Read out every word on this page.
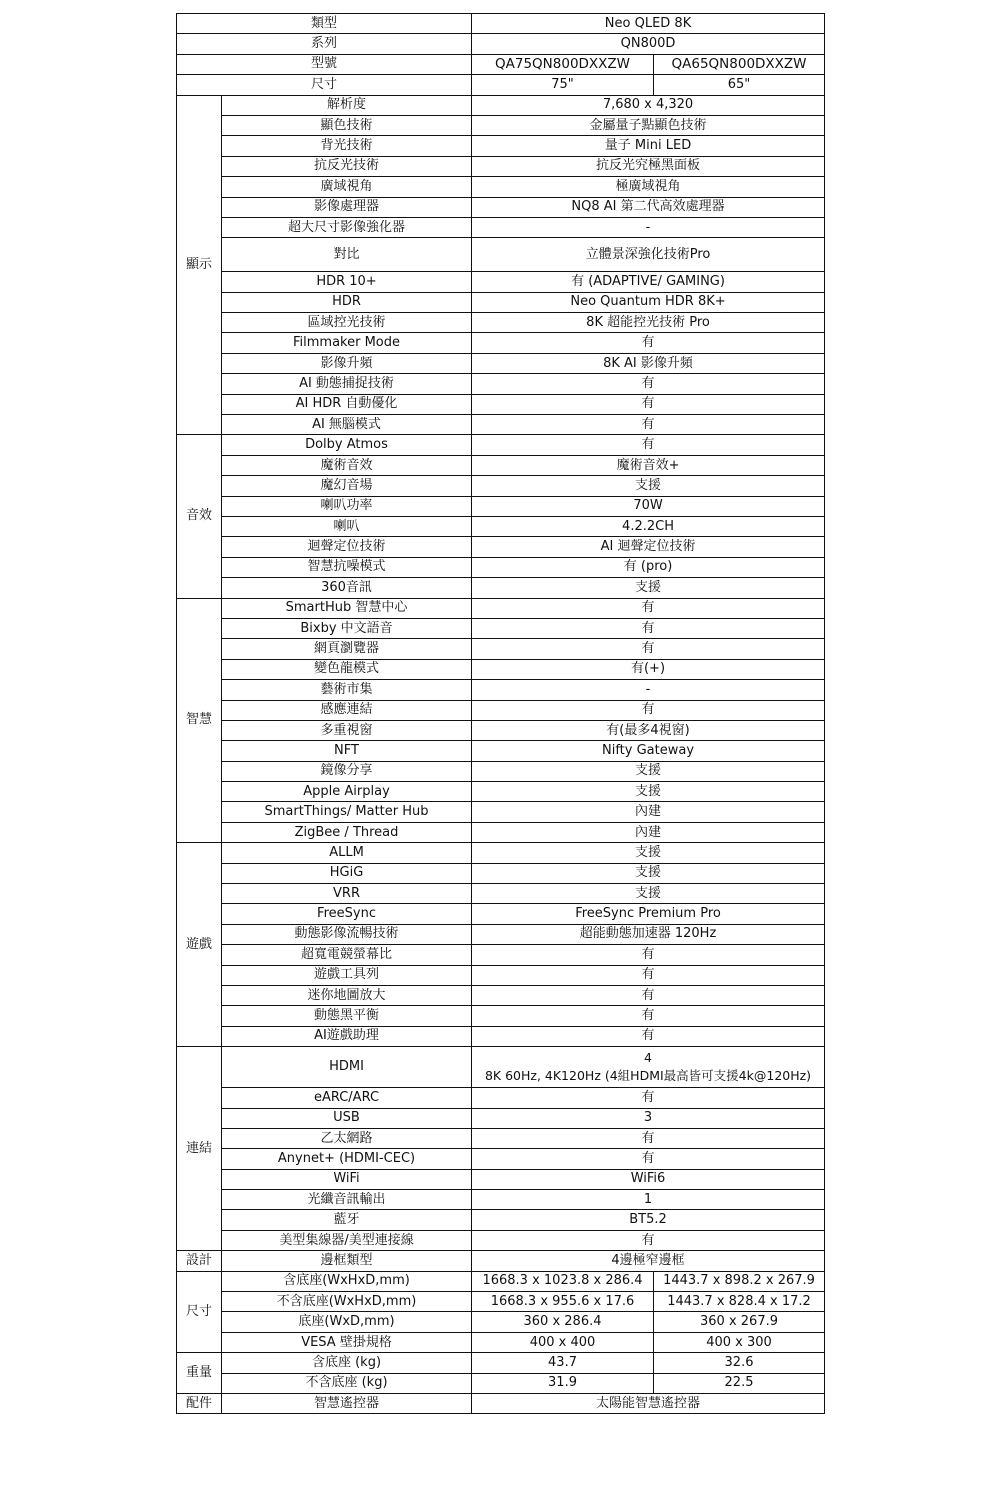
類型		Neo QLED 8K	
系列		QN800D	
型號		QA75QN800DXXZW	QA65QN800DXXZW
尺寸		75"	65"
顯示	解析度	7,680 x 4,320	
	顯色技術	金屬量子點顯色技術	
	背光技術	量子 Mini LED	
	抗反光技術	抗反光究極黑面板	
	廣域視角	極廣域視角	
	影像處理器	NQ8 AI 第二代高效處理器	
	超大尺寸影像強化器	-	
	對比	立體景深強化技術Pro	
	HDR 10+	有 (ADAPTIVE/ GAMING)	
	HDR	Neo Quantum HDR 8K+	
	區域控光技術	8K 超能控光技術 Pro	
	Filmmaker Mode	有	
	影像升頻	8K AI 影像升頻	
	AI 動態捕捉技術	有	
	AI HDR 自動優化	有	
	AI 無腦模式	有	
音效	Dolby Atmos	有	
	魔術音效	魔術音效+	
	魔幻音場	支援	
	喇叭功率	70W	
	喇叭	4.2.2CH	
	迴聲定位技術	AI 迴聲定位技術	
	智慧抗噪模式	有 (pro)	
	360音訊	支援	
智慧	SmartHub 智慧中心	有	
	Bixby 中文語音	有	
	網頁瀏覽器	有	
	變色龍模式	有(+)	
	藝術市集	-	
	感應連結	有	
	多重視窗	有(最多4視窗)	
	NFT	Nifty Gateway	
	鏡像分享	支援	
	Apple Airplay	支援	
	SmartThings/ Matter Hub	內建	
	ZigBee / Thread	內建	
遊戲	ALLM	支援	
	HGiG	支援	
	VRR	支援	
	FreeSync	FreeSync Premium Pro	
	動態影像流暢技術	超能動態加速器 120Hz	
	超寬電競螢幕比	有	
	遊戲工具列	有	
	迷你地圖放大	有	
	動態黑平衡	有	
	AI遊戲助理	有	
連結	HDMI	4
8K 60Hz, 4K120Hz (4組HDMI最高皆可支援4k@120Hz)	

	eARC/ARC	有	
	USB	3	
	乙太網路	有	
	Anynet+ (HDMI-CEC)	有	
	WiFi	WiFi6	
	光纖音訊輸出	1	
	藍牙	BT5.2	
	美型集線器/美型連接線	有	
設計	邊框類型	4邊極窄邊框	
尺寸	含底座(WxHxD,mm)	1668.3 x 1023.8 x 286.4	1443.7 x 898.2 x 267.9
	不含底座(WxHxD,mm)	1668.3 x 955.6 x 17.6	1443.7 x 828.4 x 17.2
	底座(WxD,mm)	360 x 286.4	360 x 267.9
	VESA 壁掛規格	400 x 400	400 x 300
重量	含底座 (kg)	43.7	32.6
	不含底座 (kg)	31.9	22.5
配件	智慧遙控器	太陽能智慧遙控器	
